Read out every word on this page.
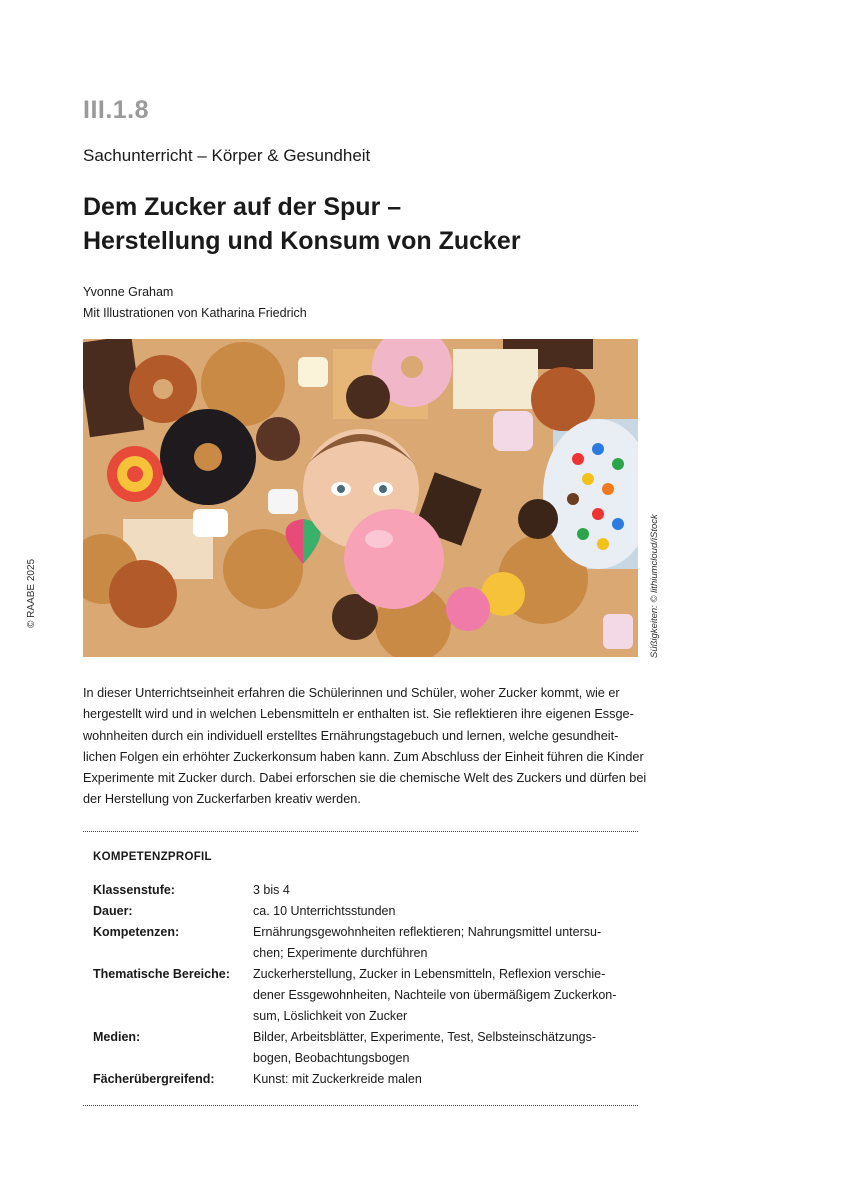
III.1.8
Sachunterricht – Körper & Gesundheit
Dem Zucker auf der Spur –
Herstellung und Konsum von Zucker
Yvonne Graham
Mit Illustrationen von Katharina Friedrich
© RAABE 2025	Süßigkeiten: © lithiumcloud/iStock
In dieser Unterrichtseinheit erfahren die Schülerinnen und Schüler, woher Zucker kommt, wie er
hergestellt wird und in welchen Lebensmitteln er enthalten ist. Sie reflektieren ihre eigenen Essge-
wohnheiten durch ein individuell erstelltes Ernährungstagebuch und lernen, welche gesundheit-
lichen Folgen ein erhöhter Zuckerkonsum haben kann. Zum Abschluss der Einheit führen die Kinder
Experimente mit Zucker durch. Dabei erforschen sie die chemische Welt des Zuckers und dürfen bei
der Herstellung von Zuckerfarben kreativ werden.
KOMPETENZPROFIL
Klassenstufe:	3 bis 4
Dauer:	ca. 10 Unterrichtsstunden
Kompetenzen:	Ernährungsgewohnheiten reflektieren; Nahrungsmittel untersu-
chen; Experimente durchführen
Thematische Bereiche:	Zuckerherstellung, Zucker in Lebensmitteln, Reflexion verschie-
dener Essgewohnheiten, Nachteile von übermäßigem Zuckerkon-
sum, Löslichkeit von Zucker
Medien:	Bilder, Arbeitsblätter, Experimente, Test, Selbsteinschätzungs-
bogen, Beobachtungsbogen
Fächerübergreifend:	Kunst: mit Zuckerkreide malen
